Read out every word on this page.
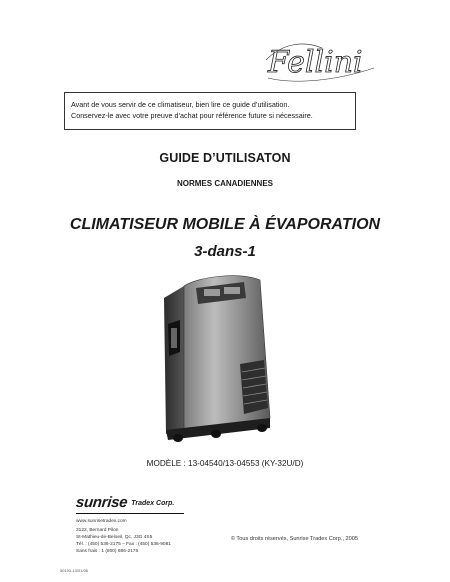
Fellini

Avant de vous servir de ce climatiseur, bien lire ce guide d’utilisation.

Conservez-le avec votre preuve d’achat pour référence future si nécessaire.

GUIDE D’UTILISATON
NORMES CANADIENNES
CLIMATISEUR MOBILE À ÉVAPORATION
3-dans-1
MODÈLE : 13-04540/13-04553 (KY-32U/D)
sunrise Tradex Corp.
www.sunrisetradex.com
3122, Bernard Pilon
St-Mathieu-de-Beloeil, Qc, J3G 4S5
Tél. : (450) 536-2175 – Fax : (450) 536-9081
Sans frais : 1 (800) 686-2175
© Tous droits réservés, Sunrise Tradex Corp., 2005
50193-13/01/06
